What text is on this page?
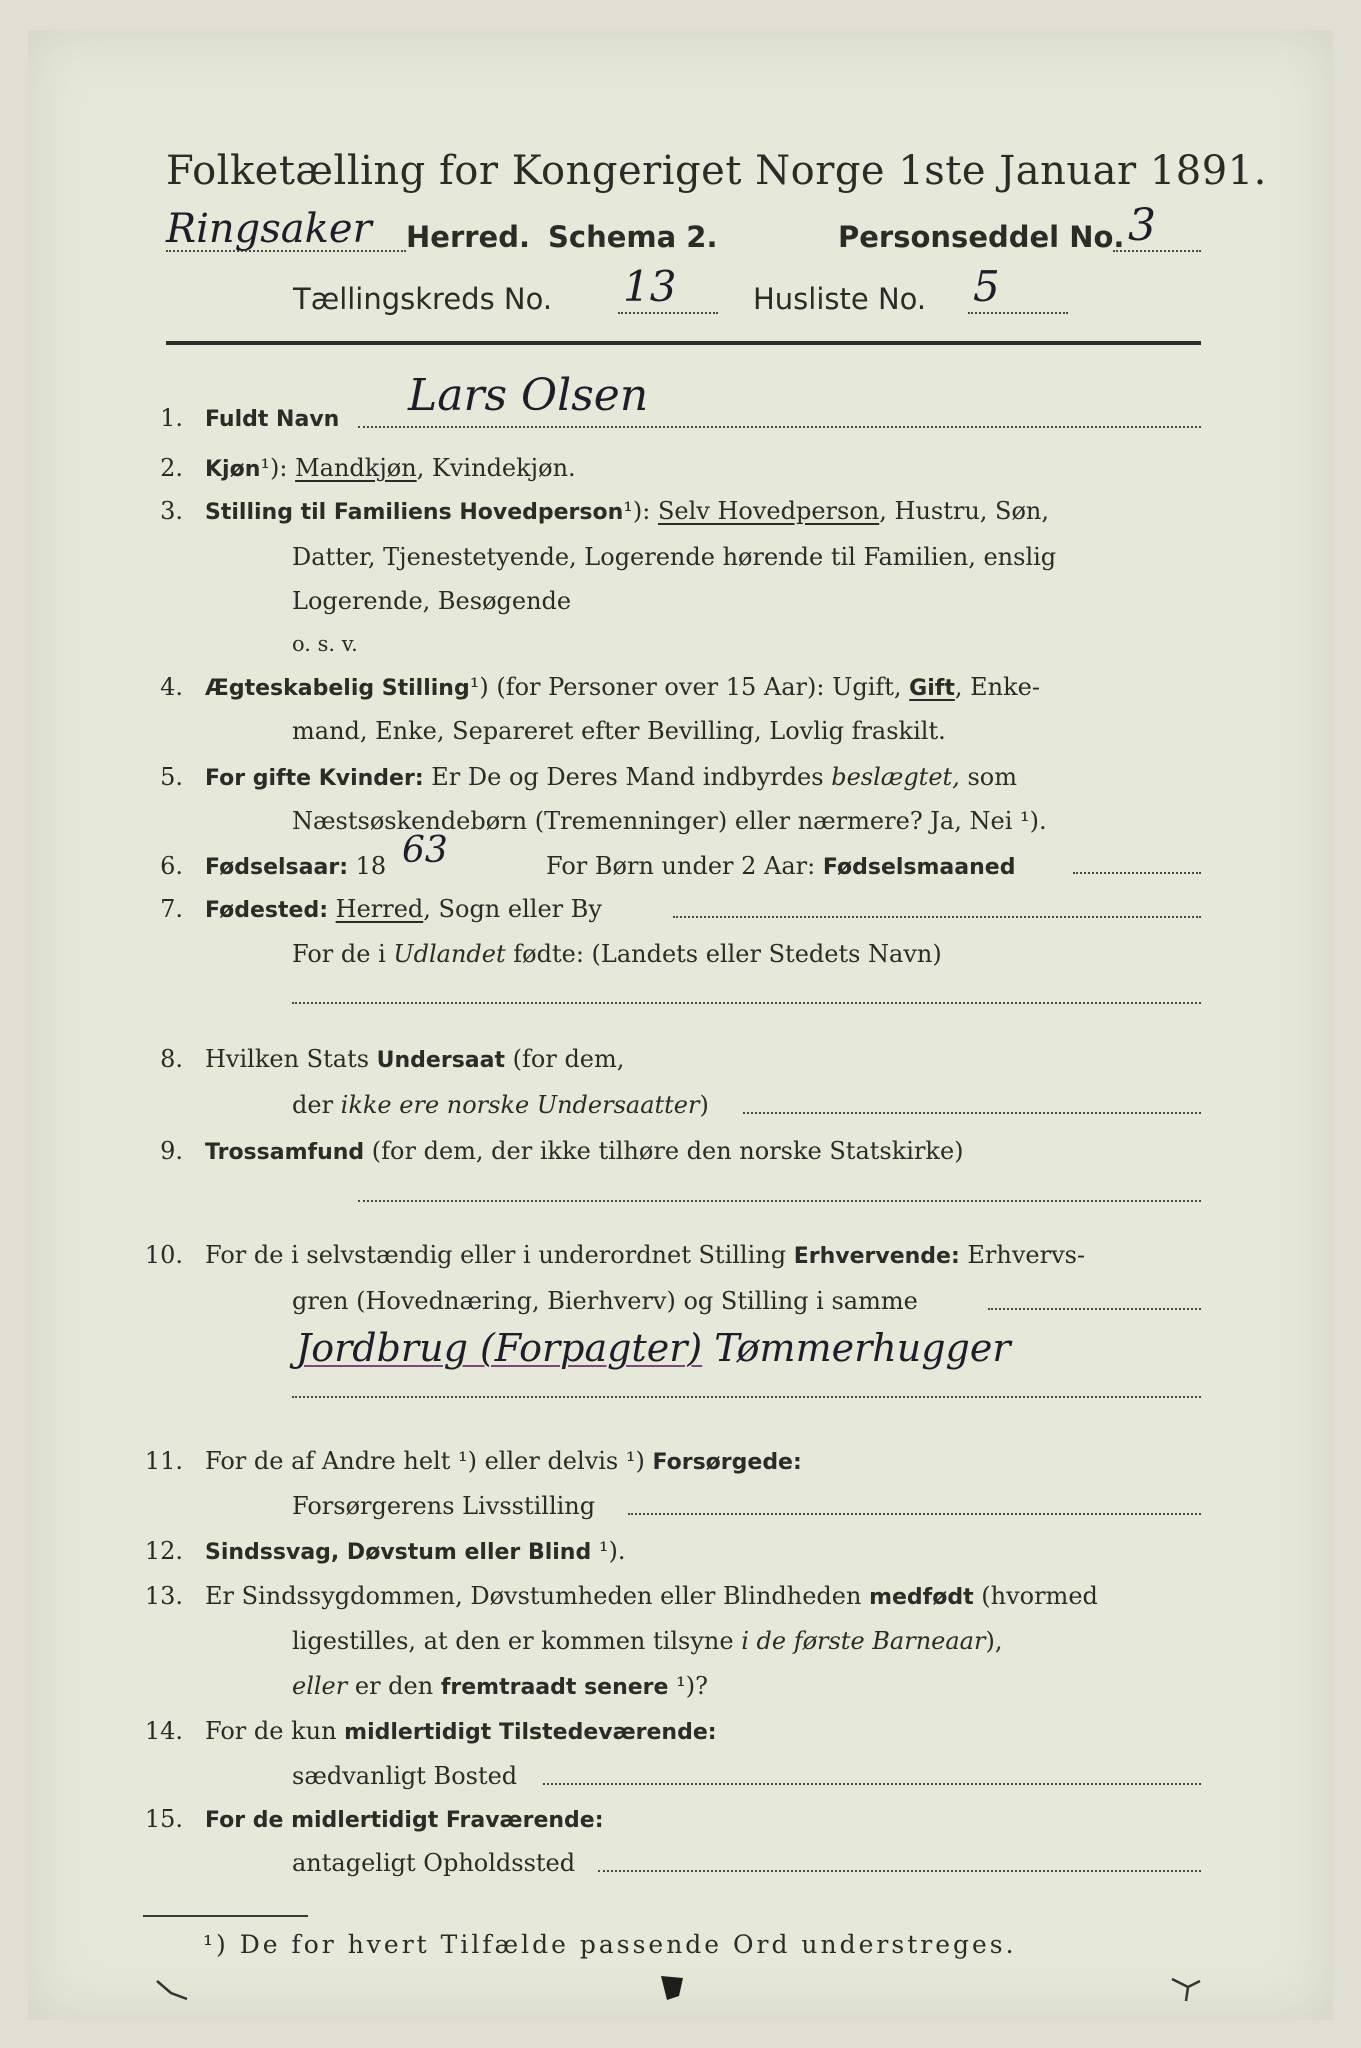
Folketælling for Kongeriget Norge 1ste Januar 1891.
Ringsaker Herred. Schema 2.	Personseddel No. 3
Tællingskreds No. 13	Husliste No. 5
1. Fuldt Navn Lars Olsen
2. Kjøn¹): Mandkjøn, Kvindekjøn.
3. Stilling til Familiens Hovedperson¹): Selv Hovedperson, Hustru, Søn,
Datter, Tjenestetyende, Logerende hørende til Familien, enslig
Logerende, Besøgende
o. s. v.
4. Ægteskabelig Stilling¹) (for Personer over 15 Aar): Ugift, Gift, Enke-
mand, Enke, Separeret efter Bevilling, Lovlig fraskilt.
5. For gifte Kvinder: Er De og Deres Mand indbyrdes beslægtet, som
Næstsøskendebørn (Tremenninger) eller nærmere? Ja, Nei ¹).
6. Fødselsaar: 18 63	For Børn under 2 Aar: Fødselsmaaned
7. Fødested: Herred, Sogn eller By
For de i Udlandet fødte: (Landets eller Stedets Navn)
8. Hvilken Stats Undersaat (for dem,
der ikke ere norske Undersaatter)
9. Trossamfund (for dem, der ikke tilhøre den norske Statskirke)
10. For de i selvstændig eller i underordnet Stilling Erhvervende: Erhvervs-
gren (Hovednæring, Bierhverv) og Stilling i samme
Jordbrug (Forpagter) Tømmerhugger
11. For de af Andre helt ¹) eller delvis ¹) Forsørgede:
Forsørgerens Livsstilling
12. Sindssvag, Døvstum eller Blind ¹).
13. Er Sindssygdommen, Døvstumheden eller Blindheden medfødt (hvormed
ligestilles, at den er kommen tilsyne i de første Barneaar),
eller er den fremtraadt senere ¹)?
14. For de kun midlertidigt Tilstedeværende:
sædvanligt Bosted
15. For de midlertidigt Fraværende:
antageligt Opholdssted
¹) De for hvert Tilfælde passende Ord understreges.
